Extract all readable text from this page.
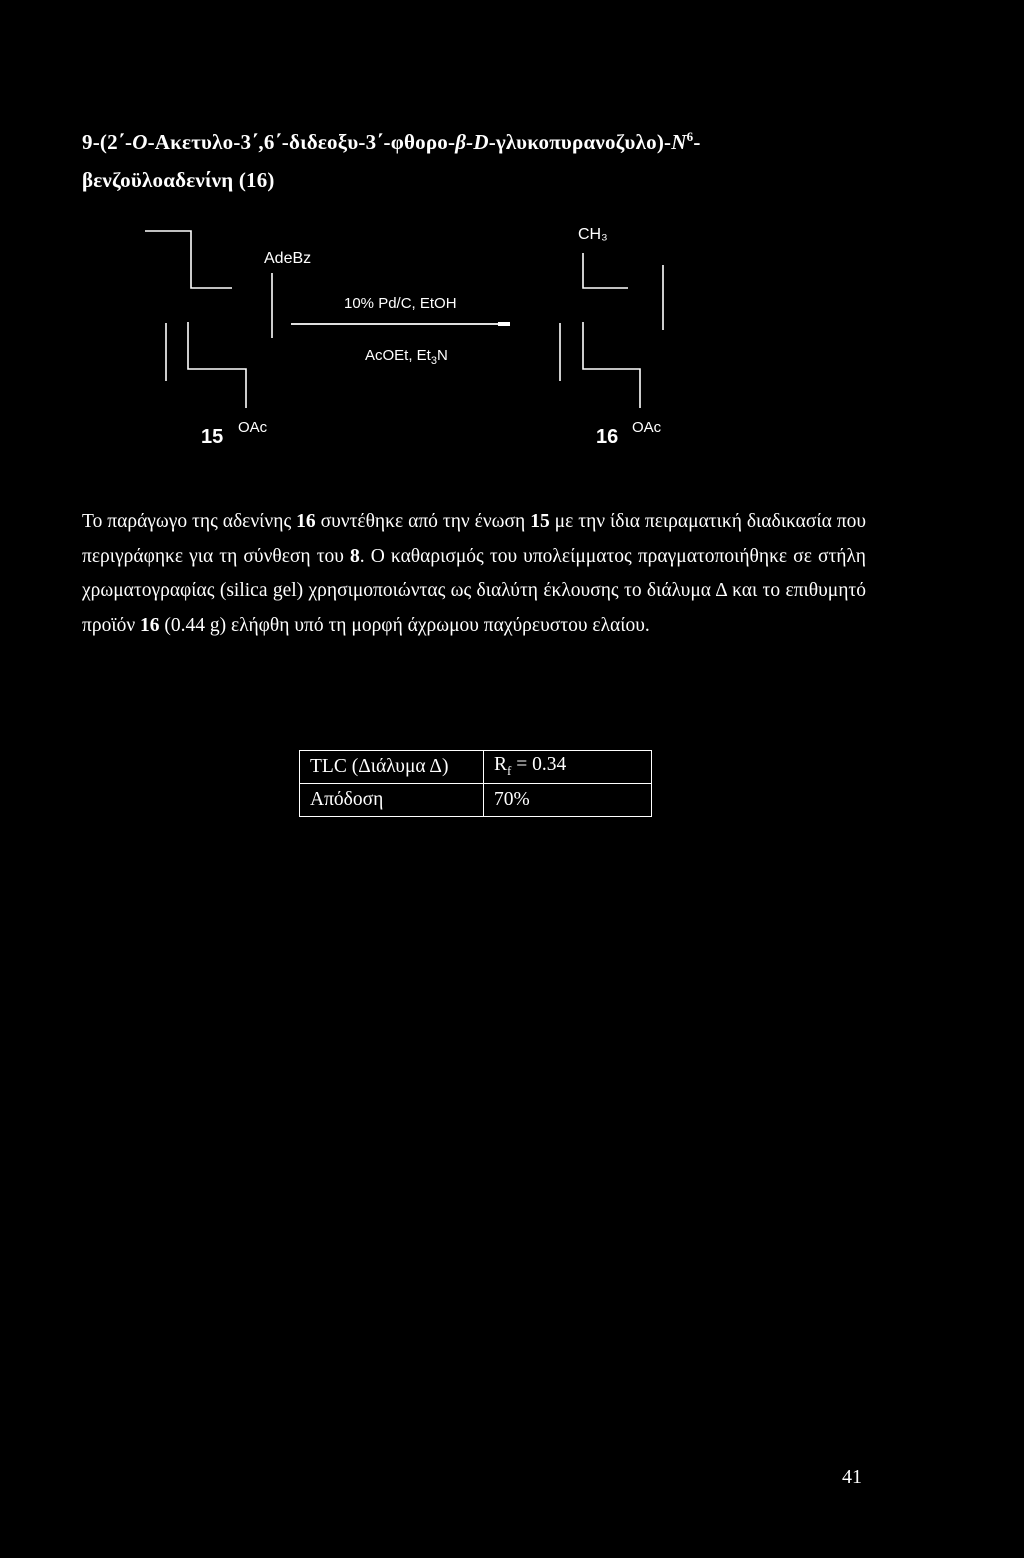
$9-(2΄-O-A\kappa\varepsilon\tau\upsilon\lambda o-3΄,6΄-\delta\iota\delta\varepsilon o\xi\upsilon-3΄-\varphi\theta o\rho o-\beta-D-\gamma\lambda\upsilon\kappa o\pi\upsilon\rho\alpha\nu o\zeta\upsilon\lambda o)-N^6-$
βενζοϋλοαδενίνη (16)
AdeBz
15 OAc
10% Pd/C, EtOH
AcOEt, $Et_3N$
CH₃
16 OAc
Το παράγωγο της αδενίνης 16 συντέθηκε από την ένωση 15 με την ίδια πειραματική διαδικασία που περιγράφηκε για τη σύνθεση του 8. Ο καθαρισμός του υπολείμματος πραγματοποιήθηκε σε στήλη χρωματογραφίας (silica gel) χρησιμοποιώντας ως διαλύτη έκλουσης το διάλυμα Δ και το επιθυμητό προϊόν 16 (0.44 g) ελήφθη υπό τη μορφή άχρωμου παχύρευστου ελαίου.
TLC (Διάλυμα Δ)	$R_f = 0.34$
Απόδοση	70%
41
